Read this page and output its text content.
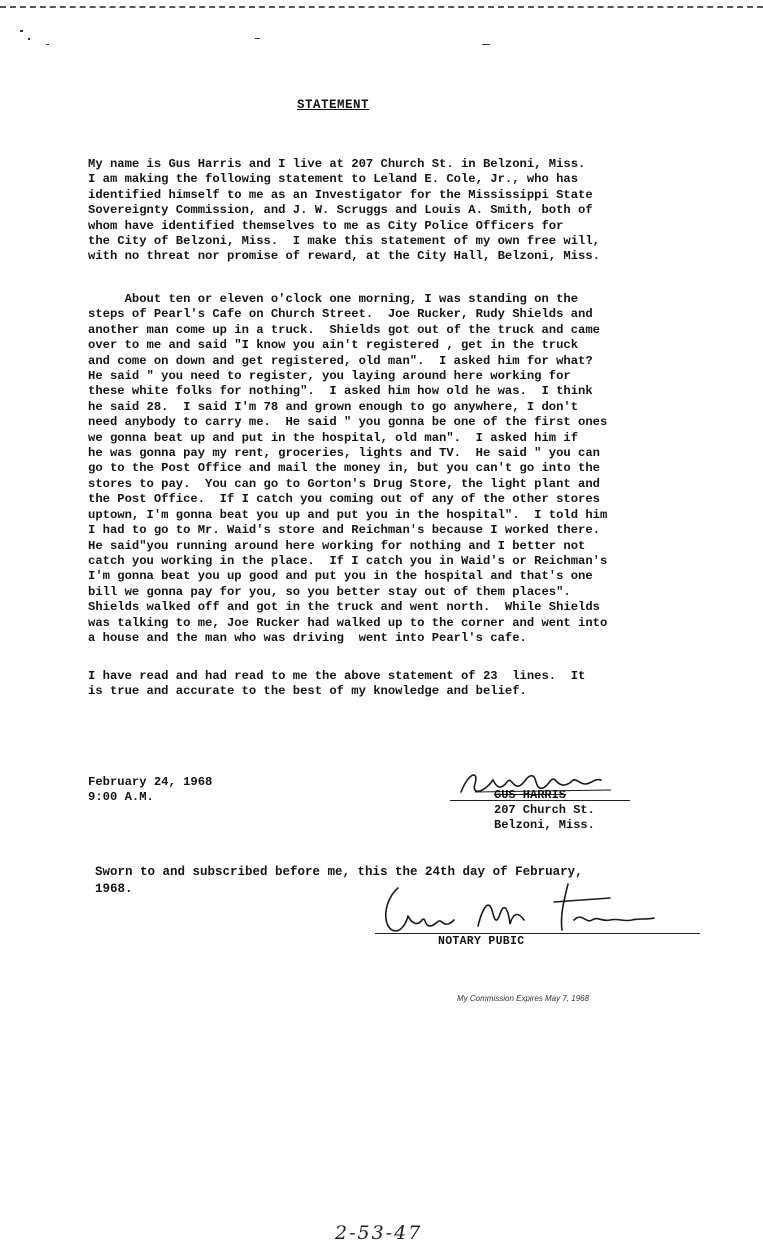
STATEMENT
My name is Gus Harris and I live at 207 Church St. in Belzoni, Miss.
I am making the following statement to Leland E. Cole, Jr., who has
identified himself to me as an Investigator for the Mississippi State
Sovereignty Commission, and J. W. Scruggs and Louis A. Smith, both of
whom have identified themselves to me as City Police Officers for
the City of Belzoni, Miss.  I make this statement of my own free will,
with no threat nor promise of reward, at the City Hall, Belzoni, Miss.
About ten or eleven o'clock one morning, I was standing on the
steps of Pearl's Cafe on Church Street.  Joe Rucker, Rudy Shields and
another man come up in a truck.  Shields got out of the truck and came
over to me and said "I know you ain't registered , get in the truck
and come on down and get registered, old man".  I asked him for what?
He said " you need to register, you laying around here working for
these white folks for nothing".  I asked him how old he was.  I think
he said 28.  I said I'm 78 and grown enough to go anywhere, I don't
need anybody to carry me.  He said " you gonna be one of the first ones
we gonna beat up and put in the hospital, old man".  I asked him if
he was gonna pay my rent, groceries, lights and TV.  He said " you can
go to the Post Office and mail the money in, but you can't go into the
stores to pay.  You can go to Gorton's Drug Store, the light plant and
the Post Office.  If I catch you coming out of any of the other stores
uptown, I'm gonna beat you up and put you in the hospital".  I told him
I had to go to Mr. Waid's store and Reichman's because I worked there.
He said"you running around here working for nothing and I better not
catch you working in the place.  If I catch you in Waid's or Reichman's
I'm gonna beat you up good and put you in the hospital and that's one
bill we gonna pay for you, so you better stay out of them places".
Shields walked off and got in the truck and went north.  While Shields
was talking to me, Joe Rucker had walked up to the corner and went into
a house and the man who was driving  went into Pearl's cafe.
I have read and had read to me the above statement of 23  lines.  It
is true and accurate to the best of my knowledge and belief.
February 24, 1968
9:00 A.M.	GUS HARRIS
207 Church St.
Belzoni, Miss.
Sworn to and subscribed before me, this the 24th day of February,
1968.
NOTARY PUBIC
My Commission Expires May 7, 1968
2-53-47
